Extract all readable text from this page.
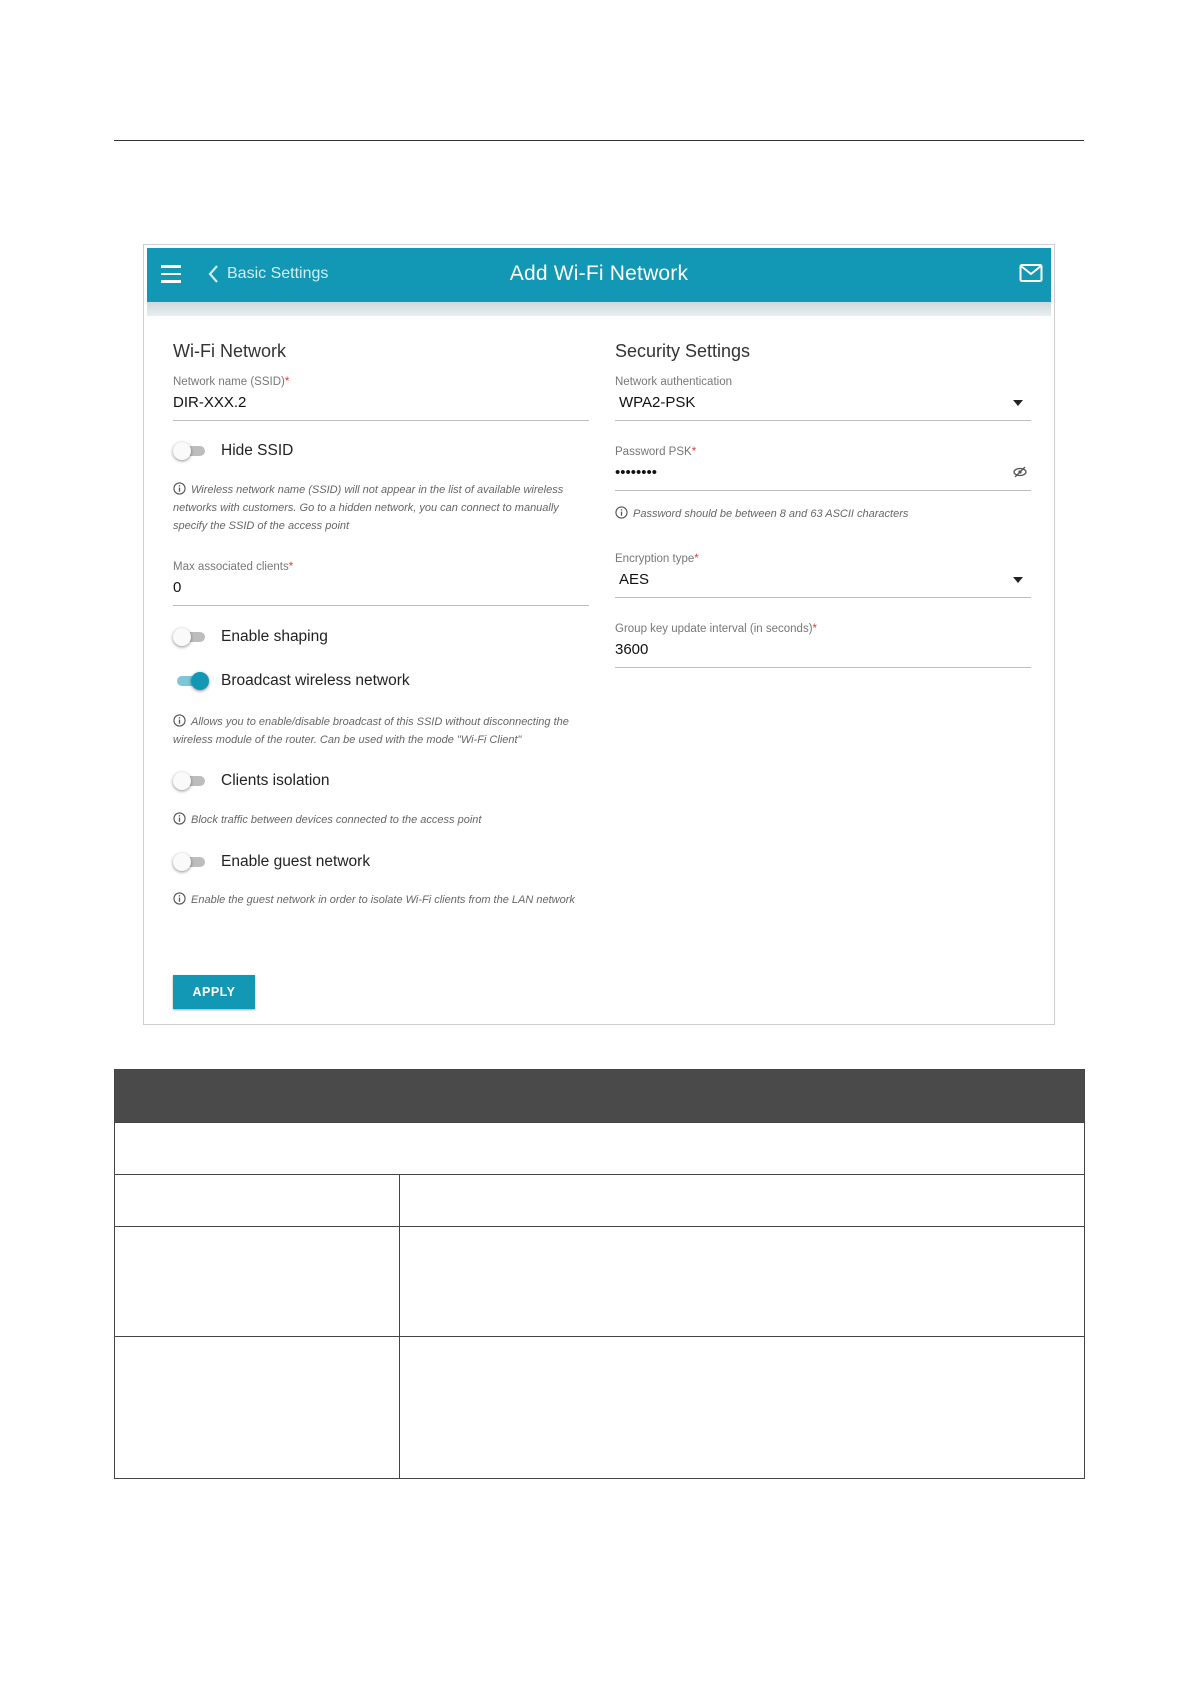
Basic Settings	Add Wi-Fi Network
Wi-Fi Network
Network name (SSID)*
DIR-XXX.2
Hide SSID
Wireless network name (SSID) will not appear in the list of available wireless networks with customers. Go to a hidden network, you can connect to manually specify the SSID of the access point
Max associated clients*
0
Enable shaping
Broadcast wireless network
Allows you to enable/disable broadcast of this SSID without disconnecting the wireless module of the router. Can be used with the mode "Wi-Fi Client"
Clients isolation
Block traffic between devices connected to the access point
Enable guest network
Enable the guest network in order to isolate Wi-Fi clients from the LAN network
Security Settings
Network authentication
WPA2-PSK
Password PSK*
••••••••
Password should be between 8 and 63 ASCII characters
Encryption type*
AES
Group key update interval (in seconds)*
3600
APPLY
